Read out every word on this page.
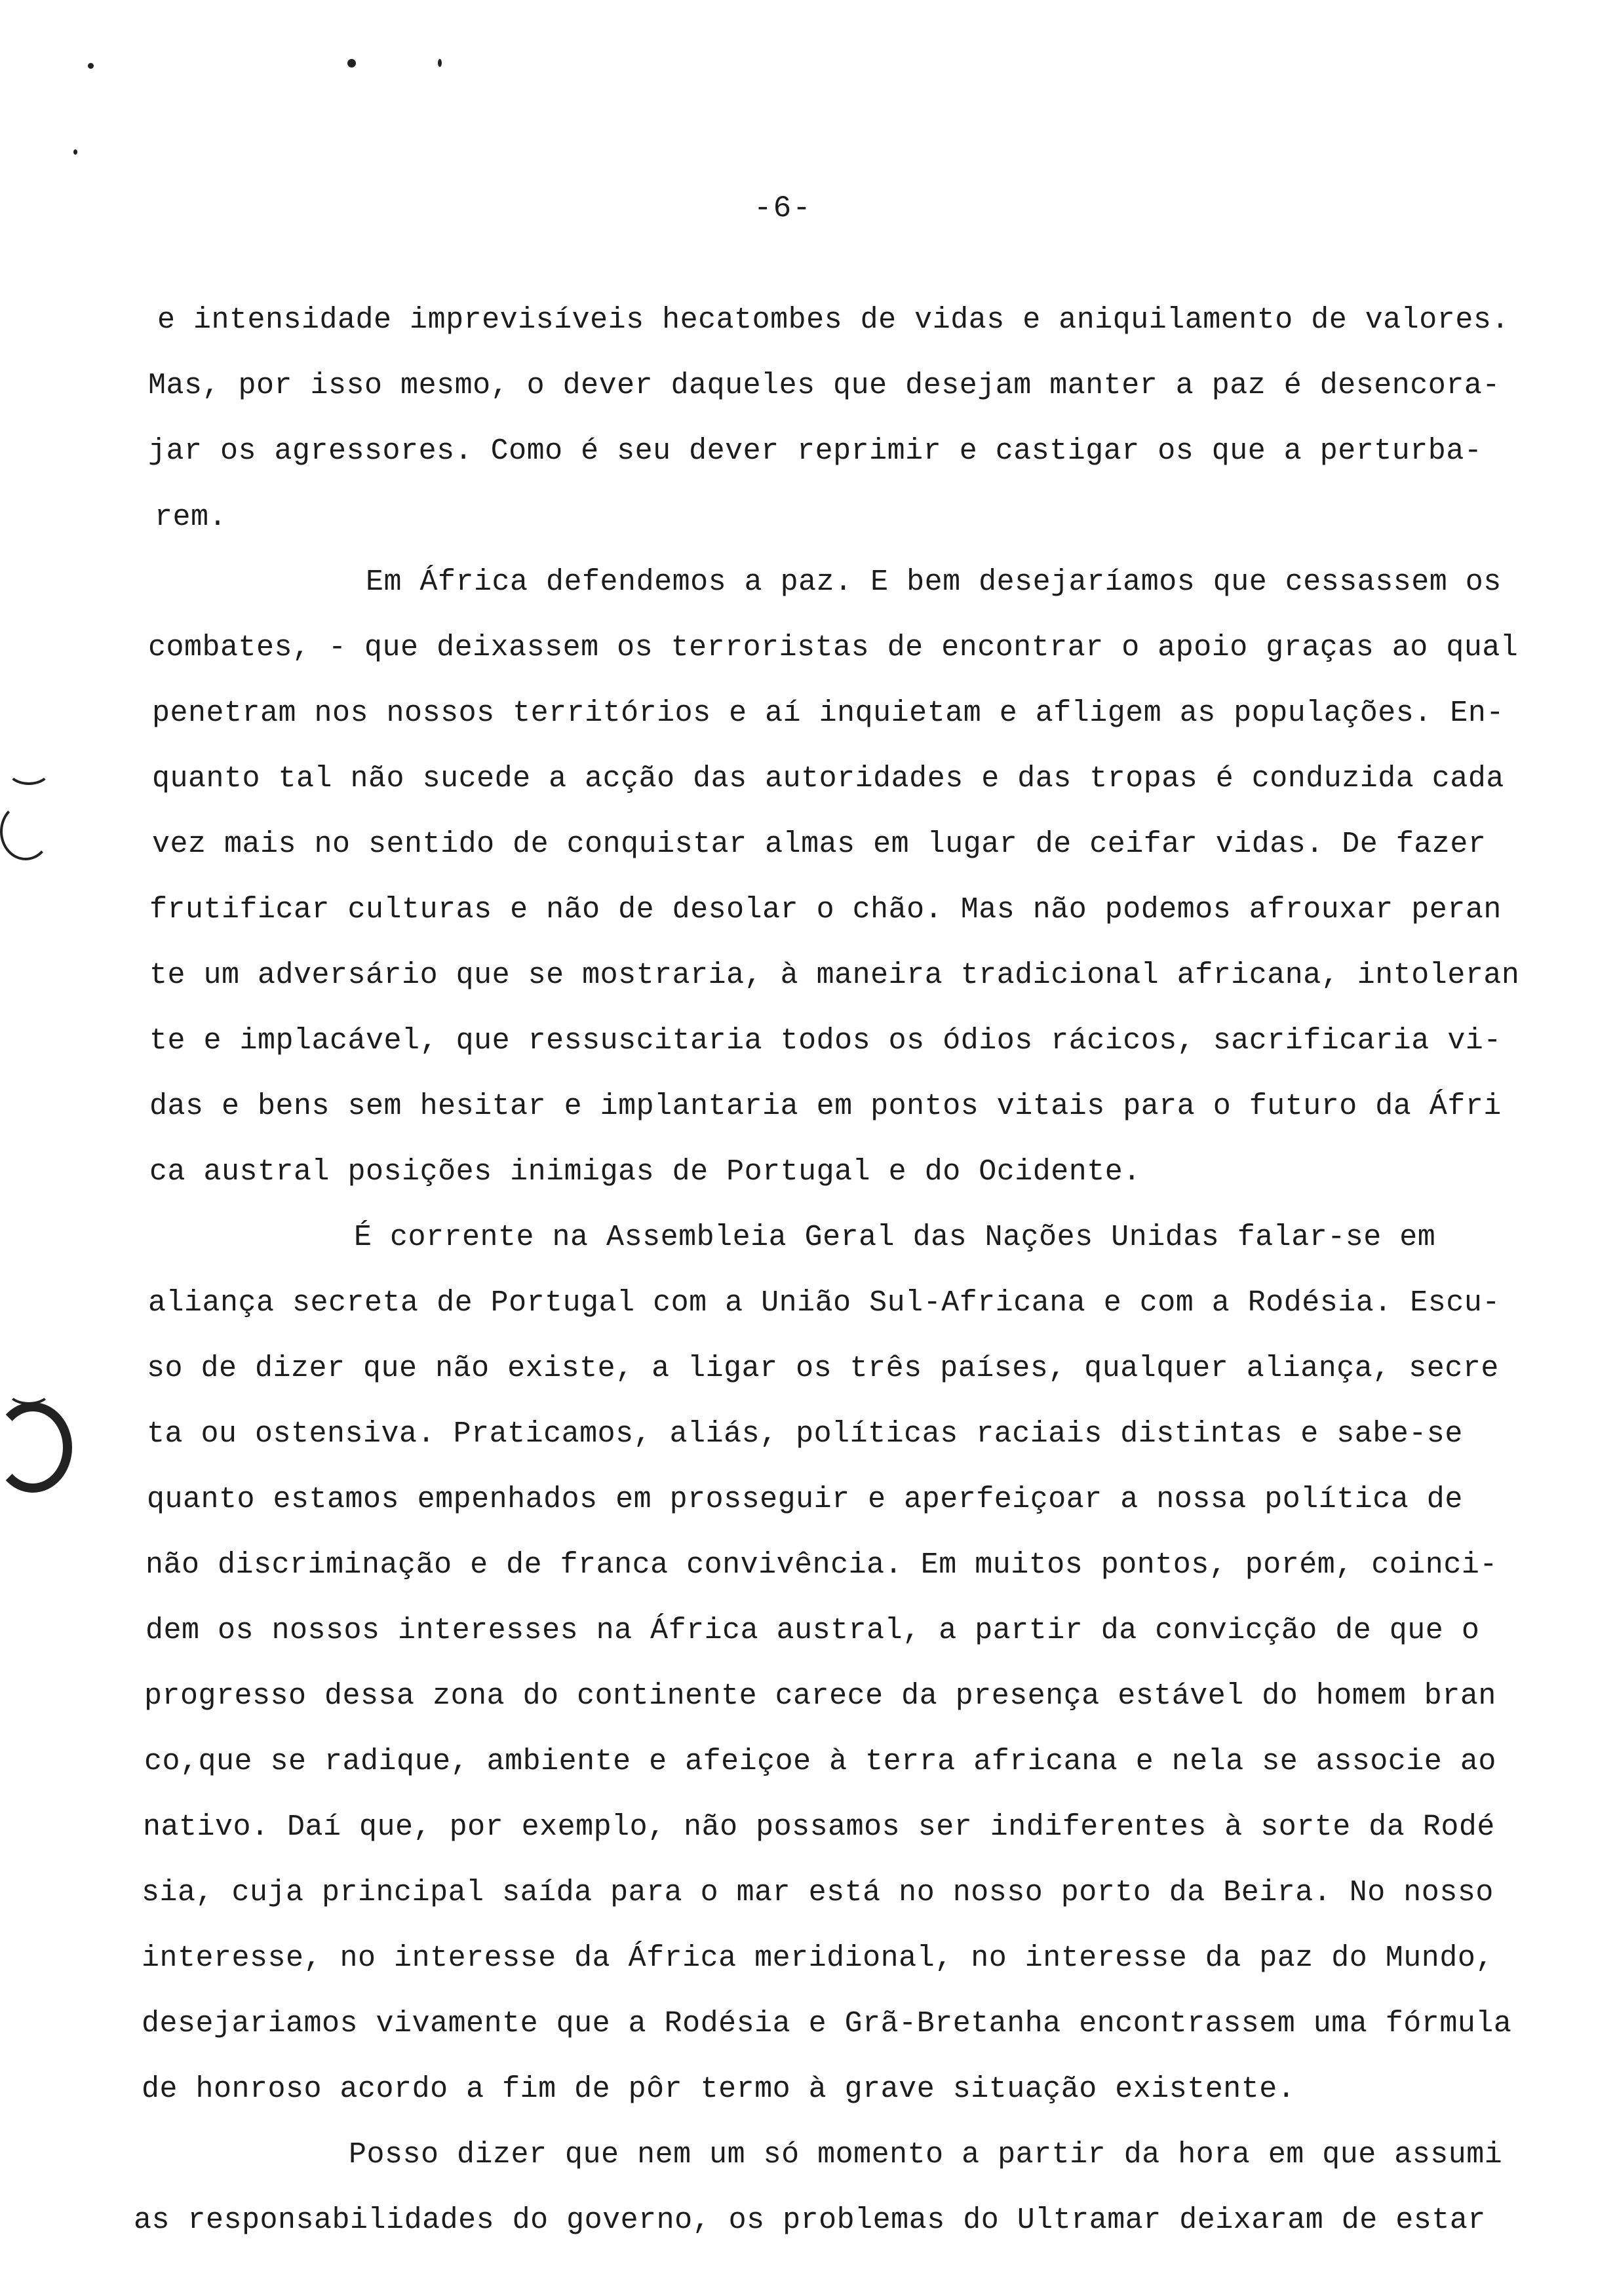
-6-
e intensidade imprevisíveis hecatombes de vidas e aniquilamento de valores.
Mas, por isso mesmo, o dever daqueles que desejam manter a paz é desencora-
jar os agressores. Como é seu dever reprimir e castigar os que a perturba-
rem.
Em África defendemos a paz. E bem desejaríamos que cessassem os
combates, - que deixassem os terroristas de encontrar o apoio graças ao qual
penetram nos nossos territórios e aí inquietam e afligem as populações. En-
quanto tal não sucede a acção das autoridades e das tropas é conduzida cada
vez mais no sentido de conquistar almas em lugar de ceifar vidas. De fazer
frutificar culturas e não de desolar o chão. Mas não podemos afrouxar peran
te um adversário que se mostraria, à maneira tradicional africana, intoleran
te e implacável, que ressuscitaria todos os ódios rácicos, sacrificaria vi-
das e bens sem hesitar e implantaria em pontos vitais para o futuro da Áfri
ca austral posições inimigas de Portugal e do Ocidente.
É corrente na Assembleia Geral das Nações Unidas falar-se em
aliança secreta de Portugal com a União Sul-Africana e com a Rodésia. Escu-
so de dizer que não existe, a ligar os três países, qualquer aliança, secre
ta ou ostensiva. Praticamos, aliás, políticas raciais distintas e sabe-se
quanto estamos empenhados em prosseguir e aperfeiçoar a nossa política de
não discriminação e de franca convivência. Em muitos pontos, porém, coinci-
dem os nossos interesses na África austral, a partir da convicção de que o
progresso dessa zona do continente carece da presença estável do homem bran
co,que se radique, ambiente e afeiçoe à terra africana e nela se associe ao
nativo. Daí que, por exemplo, não possamos ser indiferentes à sorte da Rodé
sia, cuja principal saída para o mar está no nosso porto da Beira. No nosso
interesse, no interesse da África meridional, no interesse da paz do Mundo,
desejariamos vivamente que a Rodésia e Grã-Bretanha encontrassem uma fórmula
de honroso acordo a fim de pôr termo à grave situação existente.
Posso dizer que nem um só momento a partir da hora em que assumi
as responsabilidades do governo, os problemas do Ultramar deixaram de estar
